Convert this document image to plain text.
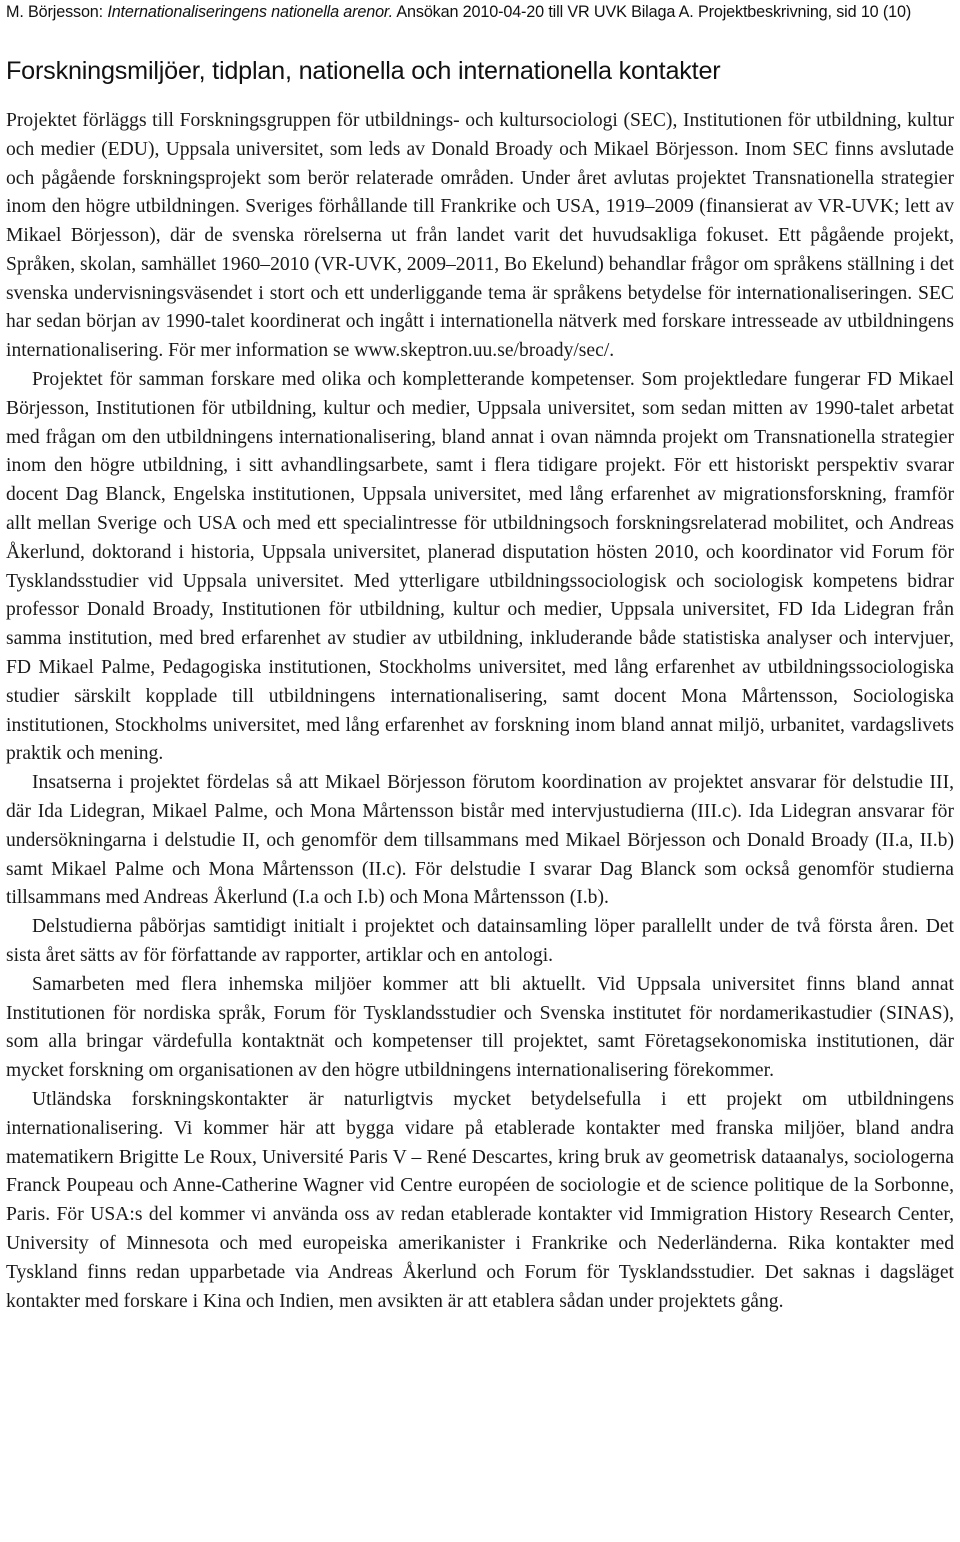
M. Börjesson: Internationaliseringens nationella arenor. Ansökan 2010-04-20 till VR UVK Bilaga A. Projektbeskrivning, sid 10 (10)
Forskningsmiljöer, tidplan, nationella och internationella kontakter

Projektet förläggs till Forskningsgruppen för utbildnings- och kultursociologi (SEC), Institutionen för utbildning, kultur och medier (EDU), Uppsala universitet, som leds av Donald Broady och Mikael Börjesson. Inom SEC finns avslutade och pågående forskningsprojekt som berör relaterade områden. Under året avlutas projektet Transnationella strategier inom den högre utbildningen. Sveriges förhållande till Frankrike och USA, 1919–2009 (finansierat av VR-UVK; lett av Mikael Börjesson), där de svenska rörelserna ut från landet varit det huvudsakliga fokuset. Ett pågående projekt, Språken, skolan, samhället 1960–2010 (VR-UVK, 2009–2011, Bo Ekelund) behandlar frågor om språkens ställning i det svenska undervisningsväsendet i stort och ett underliggande tema är språkens betydelse för internationaliseringen. SEC har sedan början av 1990-talet koordinerat och ingått i internationella nätverk med forskare intresseade av utbildningens internationalisering. För mer information se www.skeptron.uu.se/broady/sec/.

Projektet för samman forskare med olika och kompletterande kompetenser. Som projektledare fungerar FD Mikael Börjesson, Institutionen för utbildning, kultur och medier, Uppsala universitet, som sedan mitten av 1990-talet arbetat med frågan om den utbildningens internationalisering, bland annat i ovan nämnda projekt om Transnationella strategier inom den högre utbildning, i sitt avhandlingsarbete, samt i flera tidigare projekt. För ett historiskt perspektiv svarar docent Dag Blanck, Engelska institutionen, Uppsala universitet, med lång erfarenhet av migrationsforskning, framför allt mellan Sverige och USA och med ett specialintresse för utbildningsoch forskningsrelaterad mobilitet, och Andreas Åkerlund, doktorand i historia, Uppsala universitet, planerad disputation hösten 2010, och koordinator vid Forum för Tysklandsstudier vid Uppsala universitet. Med ytterligare utbildningssociologisk och sociologisk kompetens bidrar professor Donald Broady, Institutionen för utbildning, kultur och medier, Uppsala universitet, FD Ida Lidegran från samma institution, med bred erfarenhet av studier av utbildning, inkluderande både statistiska analyser och intervjuer, FD Mikael Palme, Pedagogiska institutionen, Stockholms universitet, med lång erfarenhet av utbildningssociologiska studier särskilt kopplade till utbildningens internationalisering, samt docent Mona Mårtensson, Sociologiska institutionen, Stockholms universitet, med lång erfarenhet av forskning inom bland annat miljö, urbanitet, vardagslivets praktik och mening.

Insatserna i projektet fördelas så att Mikael Börjesson förutom koordination av projektet ansvarar för delstudie III, där Ida Lidegran, Mikael Palme, och Mona Mårtensson bistår med intervjustudierna (III.c). Ida Lidegran ansvarar för undersökningarna i delstudie II, och genomför dem tillsammans med Mikael Börjesson och Donald Broady (II.a, II.b) samt Mikael Palme och Mona Mårtensson (II.c). För delstudie I svarar Dag Blanck som också genomför studierna tillsammans med Andreas Åkerlund (I.a och I.b) och Mona Mårtensson (I.b).

Delstudierna påbörjas samtidigt initialt i projektet och datainsamling löper parallellt under de två första åren. Det sista året sätts av för författande av rapporter, artiklar och en antologi.

Samarbeten med flera inhemska miljöer kommer att bli aktuellt. Vid Uppsala universitet finns bland annat Institutionen för nordiska språk, Forum för Tysklandsstudier och Svenska institutet för nordamerikastudier (SINAS), som alla bringar värdefulla kontaktnät och kompetenser till projektet, samt Företagsekonomiska institutionen, där mycket forskning om organisationen av den högre utbildningens internationalisering förekommer.

Utländska forskningskontakter är naturligtvis mycket betydelsefulla i ett projekt om utbildningens internationalisering. Vi kommer här att bygga vidare på etablerade kontakter med franska miljöer, bland andra matematikern Brigitte Le Roux, Université Paris V – René Descartes, kring bruk av geometrisk dataanalys, sociologerna Franck Poupeau och Anne-Catherine Wagner vid Centre européen de sociologie et de science politique de la Sorbonne, Paris. För USA:s del kommer vi använda oss av redan etablerade kontakter vid Immigration History Research Center, University of Minnesota och med europeiska amerikanister i Frankrike och Nederländerna. Rika kontakter med Tyskland finns redan upparbetade via Andreas Åkerlund och Forum för Tysklandsstudier. Det saknas i dagsläget kontakter med forskare i Kina och Indien, men avsikten är att etablera sådan under projektets gång.
